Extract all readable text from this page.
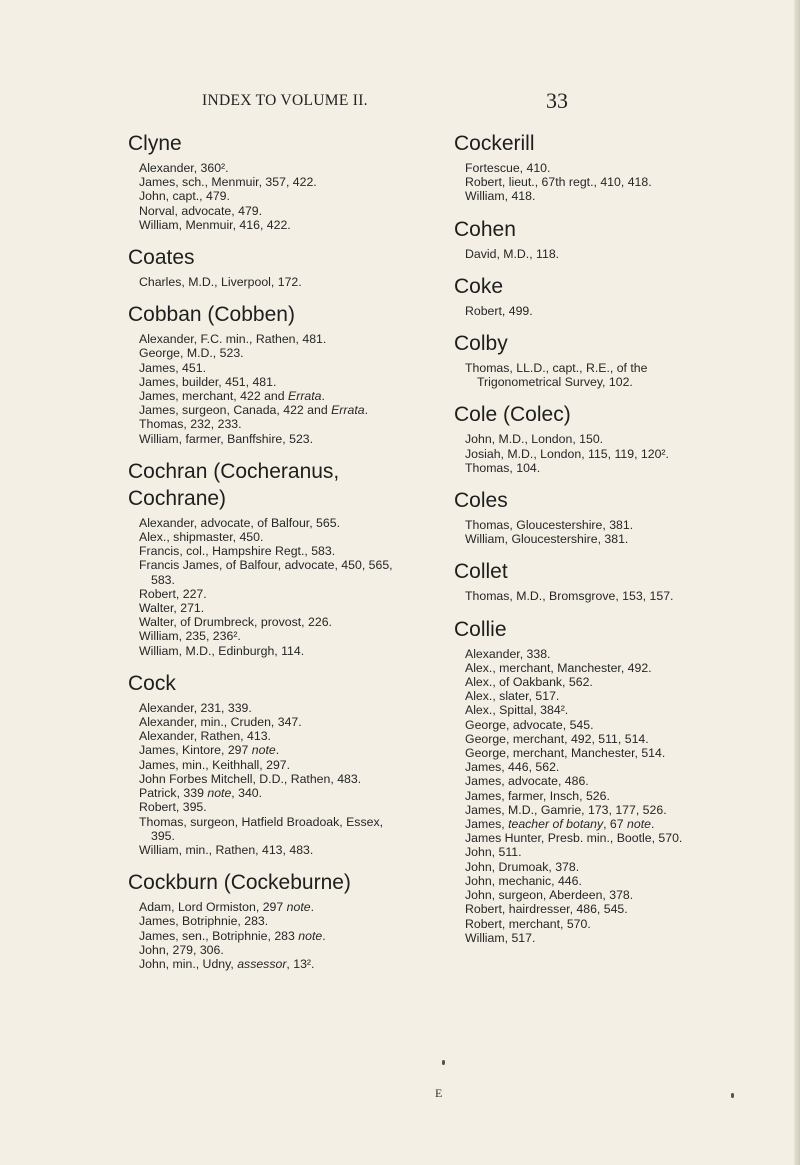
INDEX TO VOLUME II.	33
Clyne
Alexander, 360².
James, sch., Menmuir, 357, 422.
John, capt., 479.
Norval, advocate, 479.
William, Menmuir, 416, 422.
Coates
Charles, M.D., Liverpool, 172.
Cobban (Cobben)
Alexander, F.C. min., Rathen, 481.
George, M.D., 523.
James, 451.
James, builder, 451, 481.
James, merchant, 422 and Errata.
James, surgeon, Canada, 422 and Errata.
Thomas, 232, 233.
William, farmer, Banffshire, 523.
Cochran (Cocheranus, Cochrane)
Alexander, advocate, of Balfour, 565.
Alex., shipmaster, 450.
Francis, col., Hampshire Regt., 583.
Francis James, of Balfour, advocate, 450, 565, 583.
Robert, 227.
Walter, 271.
Walter, of Drumbreck, provost, 226.
William, 235, 236².
William, M.D., Edinburgh, 114.
Cock
Alexander, 231, 339.
Alexander, min., Cruden, 347.
Alexander, Rathen, 413.
James, Kintore, 297 note.
James, min., Keithhall, 297.
John Forbes Mitchell, D.D., Rathen, 483.
Patrick, 339 note, 340.
Robert, 395.
Thomas, surgeon, Hatfield Broadoak, Essex, 395.
William, min., Rathen, 413, 483.
Cockburn (Cockeburne)
Adam, Lord Ormiston, 297 note.
James, Botriphnie, 283.
James, sen., Botriphnie, 283 note.
John, 279, 306.
John, min., Udny, assessor, 13².
Cockerill
Fortescue, 410.
Robert, lieut., 67th regt., 410, 418.
William, 418.
Cohen
David, M.D., 118.
Coke
Robert, 499.
Colby
Thomas, LL.D., capt., R.E., of the Trigonometrical Survey, 102.
Cole (Colec)
John, M.D., London, 150.
Josiah, M.D., London, 115, 119, 120².
Thomas, 104.
Coles
Thomas, Gloucestershire, 381.
William, Gloucestershire, 381.
Collet
Thomas, M.D., Bromsgrove, 153, 157.
Collie
Alexander, 338.
Alex., merchant, Manchester, 492.
Alex., of Oakbank, 562.
Alex., slater, 517.
Alex., Spittal, 384².
George, advocate, 545.
George, merchant, 492, 511, 514.
George, merchant, Manchester, 514.
James, 446, 562.
James, advocate, 486.
James, farmer, Insch, 526.
James, M.D., Gamrie, 173, 177, 526.
James, teacher of botany, 67 note.
James Hunter, Presb. min., Bootle, 570.
John, 511.
John, Drumoak, 378.
John, mechanic, 446.
John, surgeon, Aberdeen, 378.
Robert, hairdresser, 486, 545.
Robert, merchant, 570.
William, 517.
E
